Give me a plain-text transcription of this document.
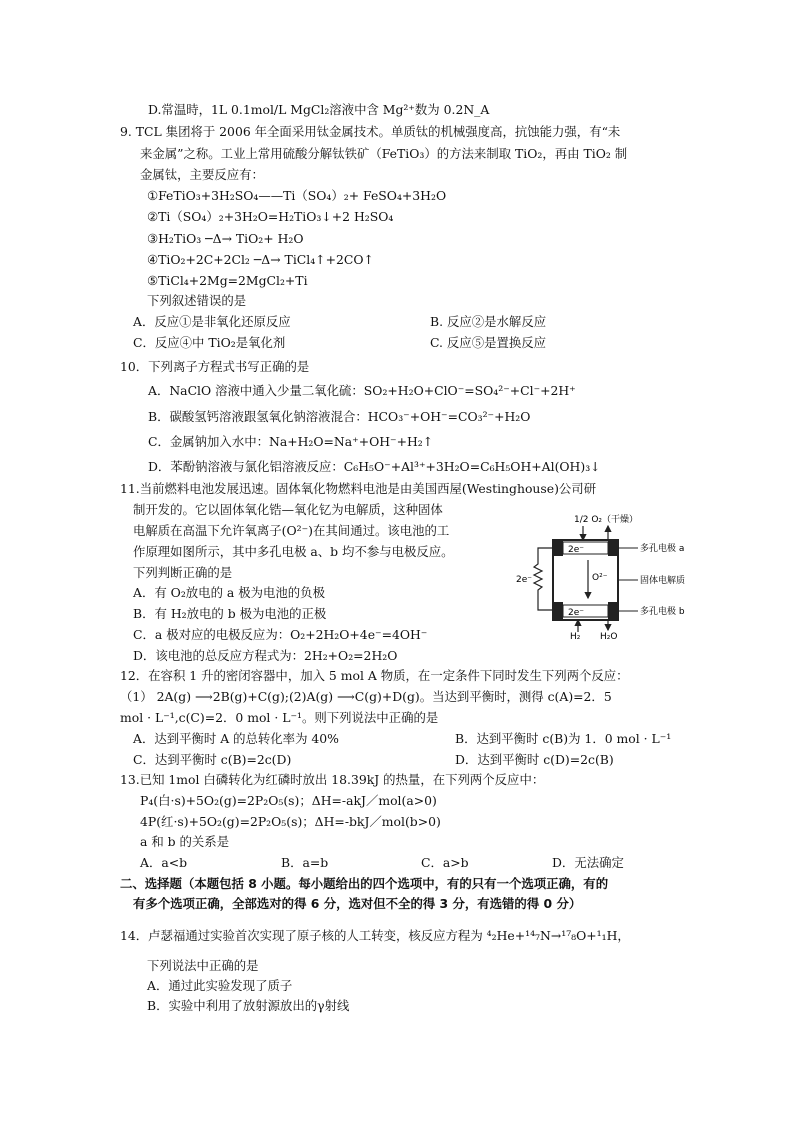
D.常温時，1L 0.1mol/L MgCl₂溶液中含 Mg²⁺数为 0.2N_A
9. TCL 集团将于 2006 年全面采用钛金属技术。单质钛的机械强度高，抗蚀能力强，有“未
来金属”之称。工业上常用硫酸分解钛铁矿（FeTiO₃）的方法来制取 TiO₂，再由 TiO₂ 制
金属钛，主要反应有：
①FeTiO₃+3H₂SO₄——Ti（SO₄）₂+ FeSO₄+3H₂O
②Ti（SO₄）₂+3H₂O=H₂TiO₃↓+2 H₂SO₄
③H₂TiO₃ ─Δ→ TiO₂+ H₂O
④TiO₂+2C+2Cl₂ ─Δ→ TiCl₄↑+2CO↑
⑤TiCl₄+2Mg=2MgCl₂+Ti
下列叙述错误的是
A．反应①是非氧化还原反应	B. 反应②是水解反应
C．反应④中 TiO₂是氧化剂	C. 反应⑤是置换反应
10．下列离子方程式书写正确的是
A．NaClO 溶液中通入少量二氧化硫：SO₂+H₂O+ClO⁻=SO₄²⁻+Cl⁻+2H⁺
B．碳酸氢钙溶液跟氢氧化钠溶液混合：HCO₃⁻+OH⁻=CO₃²⁻+H₂O
C．金属钠加入水中：Na+H₂O=Na⁺+OH⁻+H₂↑
D．苯酚钠溶液与氯化铝溶液反应：C₆H₅O⁻+Al³⁺+3H₂O=C₆H₅OH+Al(OH)₃↓
11.当前燃料电池发展迅速。固体氧化物燃料电池是由美国西屋(Westinghouse)公司研
制开发的。它以固体氧化锆—氧化钇为电解质，这种固体
电解质在高温下允许氧离子(O²⁻)在其间通过。该电池的工
作原理如图所示，其中多孔电极 a、b 均不参与电极反应。
下列判断正确的是
A．有 O₂放电的 a 极为电池的负极
B．有 H₂放电的 b 极为电池的正极
C．a 极对应的电极反应为：O₂+2H₂O+4e⁻=4OH⁻
D．该电池的总反应方程式为：2H₂+O₂=2H₂O
12．在容积 1 升的密闭容器中，加入 5 mol A 物质，在一定条件下同时发生下列两个反应：
（1） 2A(g) ⟶2B(g)+C(g);(2)A(g) ⟶C(g)+D(g)。当达到平衡时，测得 c(A)=2．5
mol · L⁻¹,c(C)=2．0 mol · L⁻¹。则下列说法中正确的是
A．达到平衡时 A 的总转化率为 40%	B．达到平衡时 c(B)为 1．0 mol · L⁻¹
C．达到平衡时 c(B)=2c(D)	D．达到平衡时 c(D)=2c(B)
13.已知 1mol 白磷转化为红磷时放出 18.39kJ 的热量，在下列两个反应中：
P₄(白·s)+5O₂(g)=2P₂O₅(s)；ΔH=-akJ／mol(a>0)
4P(红·s)+5O₂(g)=2P₂O₅(s)；ΔH=-bkJ／mol(b>0)
a 和 b 的关系是
A．a<b	B．a=b	C．a>b	D．无法确定
二、选择题（本题包括 8 小题。每小题给出的四个选项中，有的只有一个选项正确，有的
有多个选项正确，全部选对的得 6 分，选对但不全的得 3 分，有选错的得 0 分）
14．卢瑟福通过实验首次实现了原子核的人工转变，核反应方程为 ⁴₂He+¹⁴₇N→¹⁷₈O+¹₁H，
下列说法中正确的是
A．通过此实验发现了质子
B．实验中利用了放射源放出的γ射线
1/2 O₂（干燥）
2e⁻
2e⁻
O²⁻
2e⁻
多孔电极 a
固体电解质
多孔电极 b
H₂ H₂O
